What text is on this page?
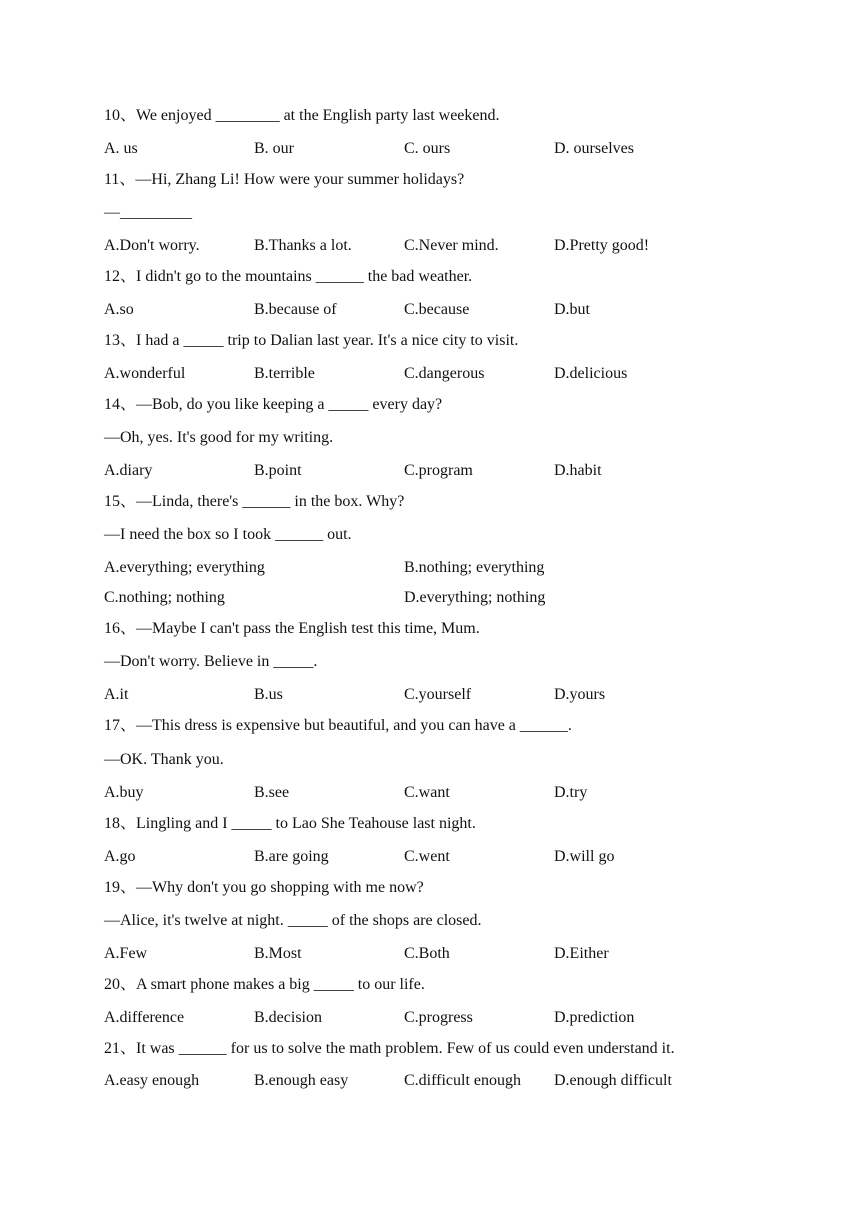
10、We enjoyed ________ at the English party last weekend.
A. us	B. our	C. ours	D. ourselves
11、—Hi, Zhang Li! How were your summer holidays?
—_________
A.Don't worry.	B.Thanks a lot.	C.Never mind.	D.Pretty good!
12、I didn't go to the mountains ______ the bad weather.
A.so	B.because of	C.because	D.but
13、I had a _____ trip to Dalian last year. It's a nice city to visit.
A.wonderful	B.terrible	C.dangerous	D.delicious
14、—Bob, do you like keeping a _____ every day?
—Oh, yes. It's good for my writing.
A.diary	B.point	C.program	D.habit
15、—Linda, there's ______ in the box. Why?
—I need the box so I took ______ out.
A.everything; everything	B.nothing; everything
C.nothing; nothing	D.everything; nothing
16、—Maybe I can't pass the English test this time, Mum.
—Don't worry. Believe in _____.
A.it	B.us	C.yourself	D.yours
17、—This dress is expensive but beautiful, and you can have a ______.
—OK. Thank you.
A.buy	B.see	C.want	D.try
18、Lingling and I _____ to Lao She Teahouse last night.
A.go	B.are going	C.went	D.will go
19、—Why don't you go shopping with me now?
—Alice, it's twelve at night. _____ of the shops are closed.
A.Few	B.Most	C.Both	D.Either
20、A smart phone makes a big _____ to our life.
A.difference	B.decision	C.progress	D.prediction
21、It was ______ for us to solve the math problem. Few of us could even understand it.
A.easy enough	B.enough easy	C.difficult enough D.enough difficult
